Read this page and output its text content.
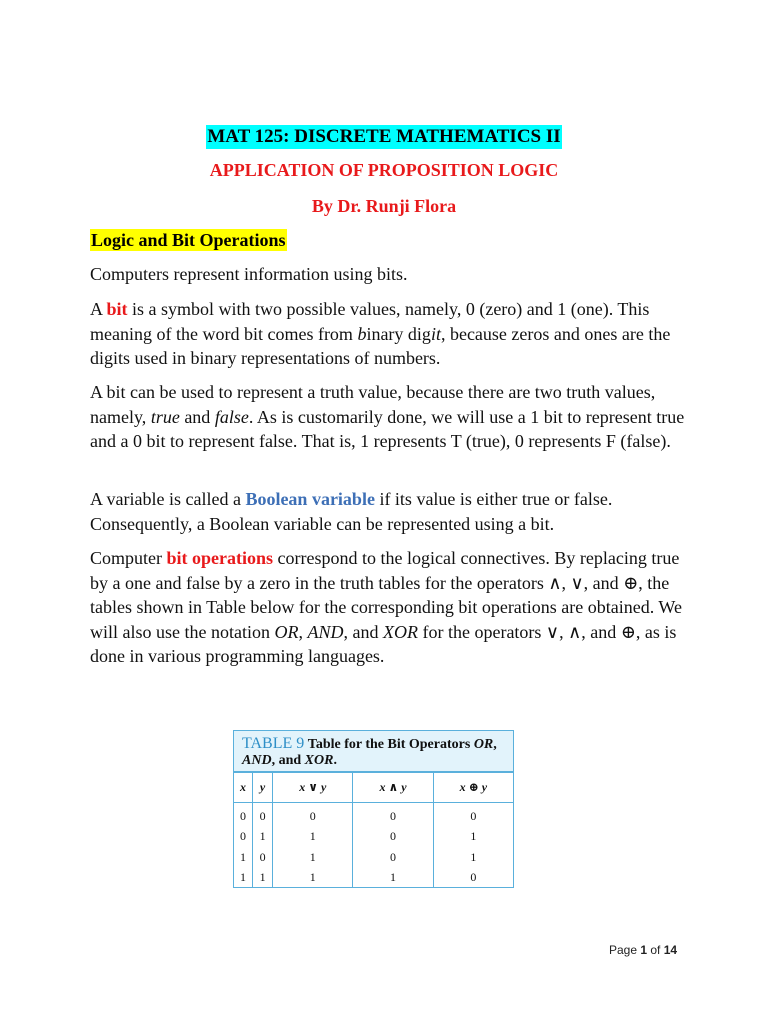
MAT 125: DISCRETE MATHEMATICS II
APPLICATION OF PROPOSITION LOGIC
By Dr. Runji Flora
Logic and Bit Operations
Computers represent information using bits.
A bit is a symbol with two possible values, namely, 0 (zero) and 1 (one). This meaning of the word bit comes from binary digit, because zeros and ones are the digits used in binary representations of numbers.
A bit can be used to represent a truth value, because there are two truth values, namely, true and false. As is customarily done, we will use a 1 bit to represent true and a 0 bit to represent false. That is, 1 represents T (true), 0 represents F (false).
A variable is called a Boolean variable if its value is either true or false. Consequently, a Boolean variable can be represented using a bit.
Computer bit operations correspond to the logical connectives. By replacing true by a one and false by a zero in the truth tables for the operators ∧, ∨, and ⊕, the tables shown in Table below for the corresponding bit operations are obtained. We will also use the notation OR, AND, and XOR for the operators ∨, ∧, and ⊕, as is done in various programming languages.
TABLE 9 Table for the Bit Operators OR,
AND, and XOR.
x	y	x ∨ y	x ∧ y	x ⊕ y
0	0	0	0	0
0	1	1	0	1
1	0	1	0	1
1	1	1	1	0
Page 1 of 14
